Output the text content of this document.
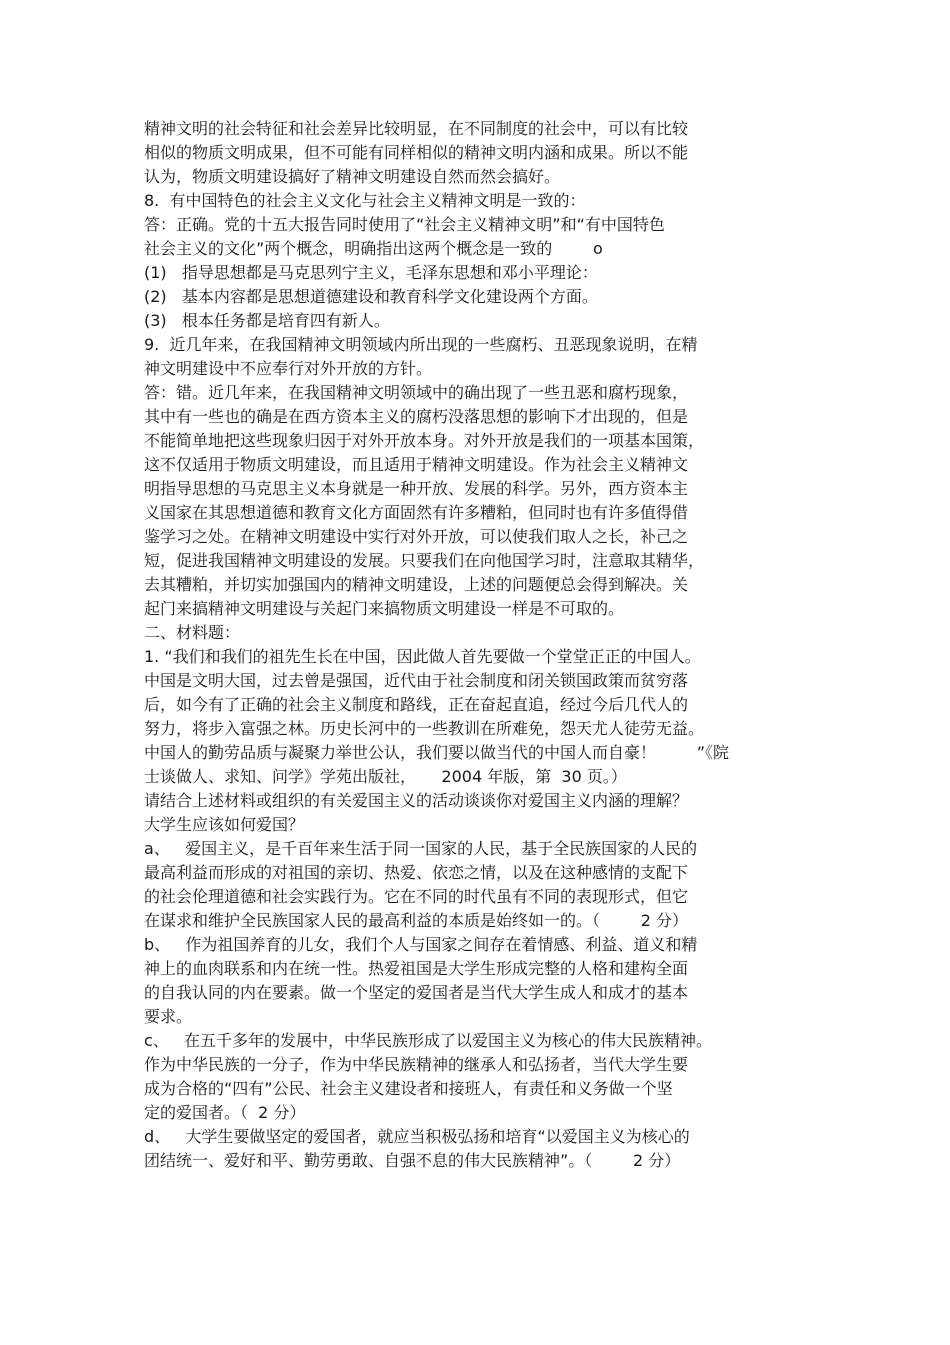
精神文明的社会特征和社会差异比较明显，在不同制度的社会中，可以有比较
相似的物质文明成果，但不可能有同样相似的精神文明内涵和成果。所以不能
认为，物质文明建设搞好了精神文明建设自然而然会搞好。
8.  有中国特色的社会主义文化与社会主义精神文明是一致的：
答：正确。党的十五大报告同时使用了“社会主义精神文明”和“有中国特色
社会主义的文化”两个概念，明确指出这两个概念是一致的        o
(1)   指导思想都是马克思列宁主义，毛泽东思想和邓小平理论：
(2)   基本内容都是思想道德建设和教育科学文化建设两个方面。
(3)   根本任务都是培育四有新人。
9.  近几年来，在我国精神文明领域内所出现的一些腐朽、丑恶现象说明，在精
神文明建设中不应奉行对外开放的方针。
答：错。近几年来，在我国精神文明领域中的确出现了一些丑恶和腐朽现象，
其中有一些也的确是在西方资本主义的腐朽没落思想的影响下才出现的，但是
不能简单地把这些现象归因于对外开放本身。对外开放是我们的一项基本国策，
这不仅适用于物质文明建设，而且适用于精神文明建设。作为社会主义精神文
明指导思想的马克思主义本身就是一种开放、发展的科学。另外，西方资本主
义国家在其思想道德和教育文化方面固然有许多糟粕，但同时也有许多值得借
鉴学习之处。在精神文明建设中实行对外开放，可以使我们取人之长，补己之
短，促进我国精神文明建设的发展。只要我们在向他国学习时，注意取其精华，
去其糟粕，并切实加强国内的精神文明建设，上述的问题便总会得到解决。关
起门来搞精神文明建设与关起门来搞物质文明建设一样是不可取的。
二、材料题：
1. “我们和我们的祖先生长在中国，因此做人首先要做一个堂堂正正的中国人。
中国是文明大国，过去曾是强国，近代由于社会制度和闭关锁国政策而贫穷落
后，如今有了正确的社会主义制度和路线，正在奋起直追，经过今后几代人的
努力，将步入富强之林。历史长河中的一些教训在所难免，怨天尤人徒劳无益。
中国人的勤劳品质与凝聚力举世公认，我们要以做当代的中国人而自豪！        ”《院
士谈做人、求知、问学》学苑出版社，     2004 年版，第  30 页。）
请结合上述材料或组织的有关爱国主义的活动谈谈你对爱国主义内涵的理解？
大学生应该如何爱国？
a、   爱国主义，是千百年来生活于同一国家的人民，基于全民族国家的人民的
最高利益而形成的对祖国的亲切、热爱、依恋之情，以及在这种感情的支配下
的社会伦理道德和社会实践行为。它在不同的时代虽有不同的表现形式，但它
在谋求和维护全民族国家人民的最高利益的本质是始终如一的。（        2 分）
b、   作为祖国养育的儿女，我们个人与国家之间存在着情感、利益、道义和精
神上的血肉联系和内在统一性。热爱祖国是大学生形成完整的人格和建构全面
的自我认同的内在要素。做一个坚定的爱国者是当代大学生成人和成才的基本
要求。
c、   在五千多年的发展中，中华民族形成了以爱国主义为核心的伟大民族精神。
作为中华民族的一分子，作为中华民族精神的继承人和弘扬者，当代大学生要
成为合格的“四有”公民、社会主义建设者和接班人，有责任和义务做一个坚
定的爱国者。（  2 分）
d、   大学生要做坚定的爱国者，就应当积极弘扬和培育“以爱国主义为核心的
团结统一、爱好和平、勤劳勇敢、自强不息的伟大民族精神”。（        2 分）
